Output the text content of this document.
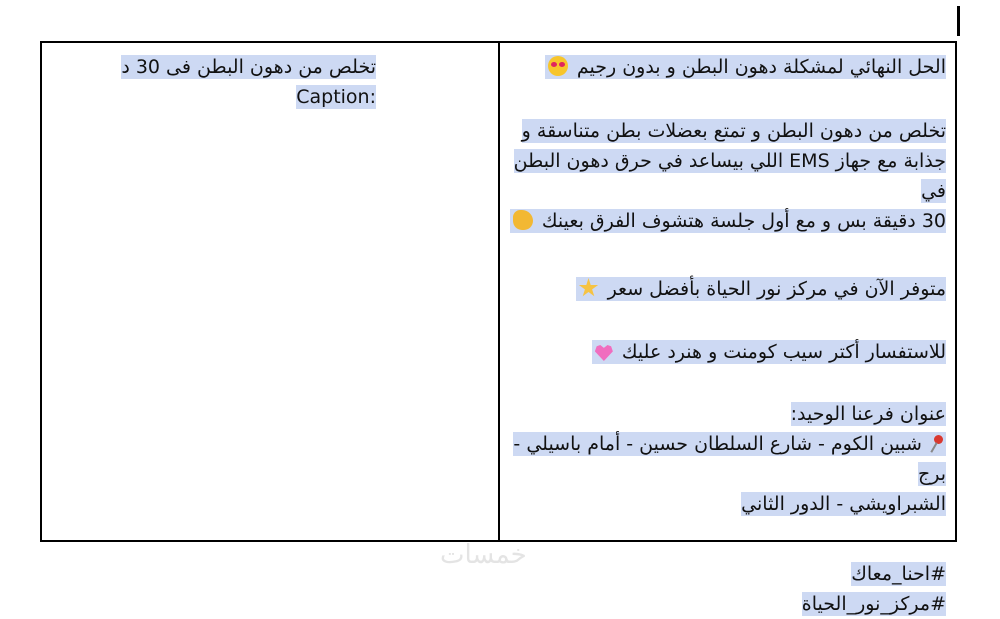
تخلص من دهون البطن فى 30 د :Caption

الحل النهائي لمشكلة دهون البطن و بدون رجيم

تخلص من دهون البطن و تمتع بعضلات بطن متناسقة و

جذابة مع جهاز EMS اللي بيساعد في حرق دهون البطن في

30 دقيقة بس و مع أول جلسة هتشوف الفرق بعينك

متوفر الآن في مركز نور الحياة بأفضل سعر

للاستفسار أكتر سيب كومنت و هنرد عليك

عنوان فرعنا الوحيد:

شبين الكوم - شارع السلطان حسين - أمام باسيلي - برج

الشبراويشي - الدور الثاني

#احنا_معاك

#مركز_نور_الحياة

خمسات
